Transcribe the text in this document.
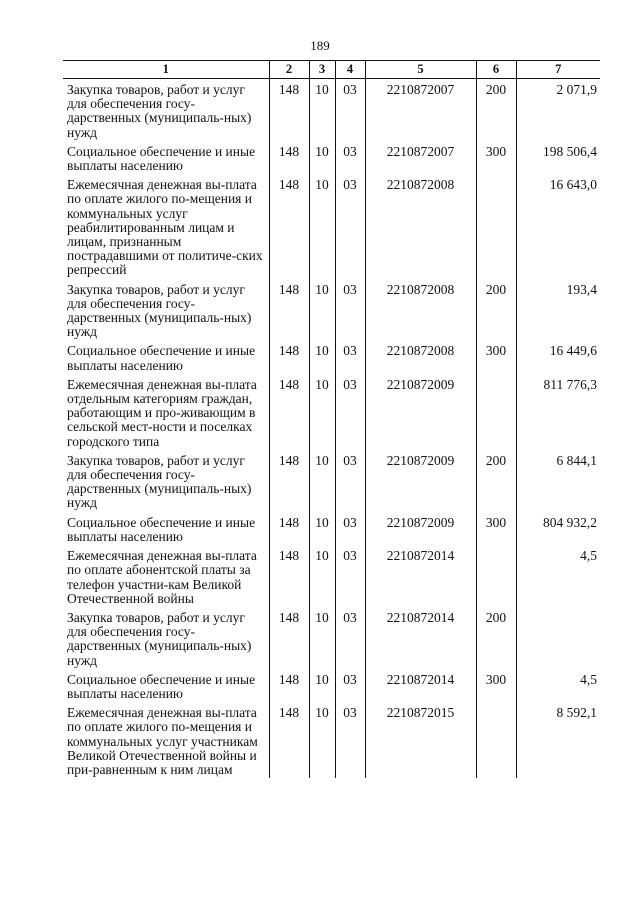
189
1	2	3	4	5	6	7
Закупка товаров, работ и услуг для обеспечения госу-дарственных (муниципаль-ных) нужд	148	10	03	2210872007	200	2 071,9
Социальное обеспечение и иные выплаты населению	148	10	03	2210872007	300	198 506,4
Ежемесячная денежная вы-плата по оплате жилого по-мещения и коммунальных услуг реабилитированным лицам и лицам, признанным пострадавшими от политиче-ских репрессий	148	10	03	2210872008		16 643,0
Закупка товаров, работ и услуг для обеспечения госу-дарственных (муниципаль-ных) нужд	148	10	03	2210872008	200	193,4
Социальное обеспечение и иные выплаты населению	148	10	03	2210872008	300	16 449,6
Ежемесячная денежная вы-плата отдельным категориям граждан, работающим и про-живающим в сельской мест-ности и поселках городского типа	148	10	03	2210872009		811 776,3
Закупка товаров, работ и услуг для обеспечения госу-дарственных (муниципаль-ных) нужд	148	10	03	2210872009	200	6 844,1
Социальное обеспечение и иные выплаты населению	148	10	03	2210872009	300	804 932,2
Ежемесячная денежная вы-плата по оплате абонентской платы за телефон участни-кам Великой Отечественной войны	148	10	03	2210872014		4,5
Закупка товаров, работ и услуг для обеспечения госу-дарственных (муниципаль-ных) нужд	148	10	03	2210872014	200	
Социальное обеспечение и иные выплаты населению	148	10	03	2210872014	300	4,5
Ежемесячная денежная вы-плата по оплате жилого по-мещения и коммунальных услуг участникам Великой Отечественной войны и при-равненным к ним лицам	148	10	03	2210872015		8 592,1
